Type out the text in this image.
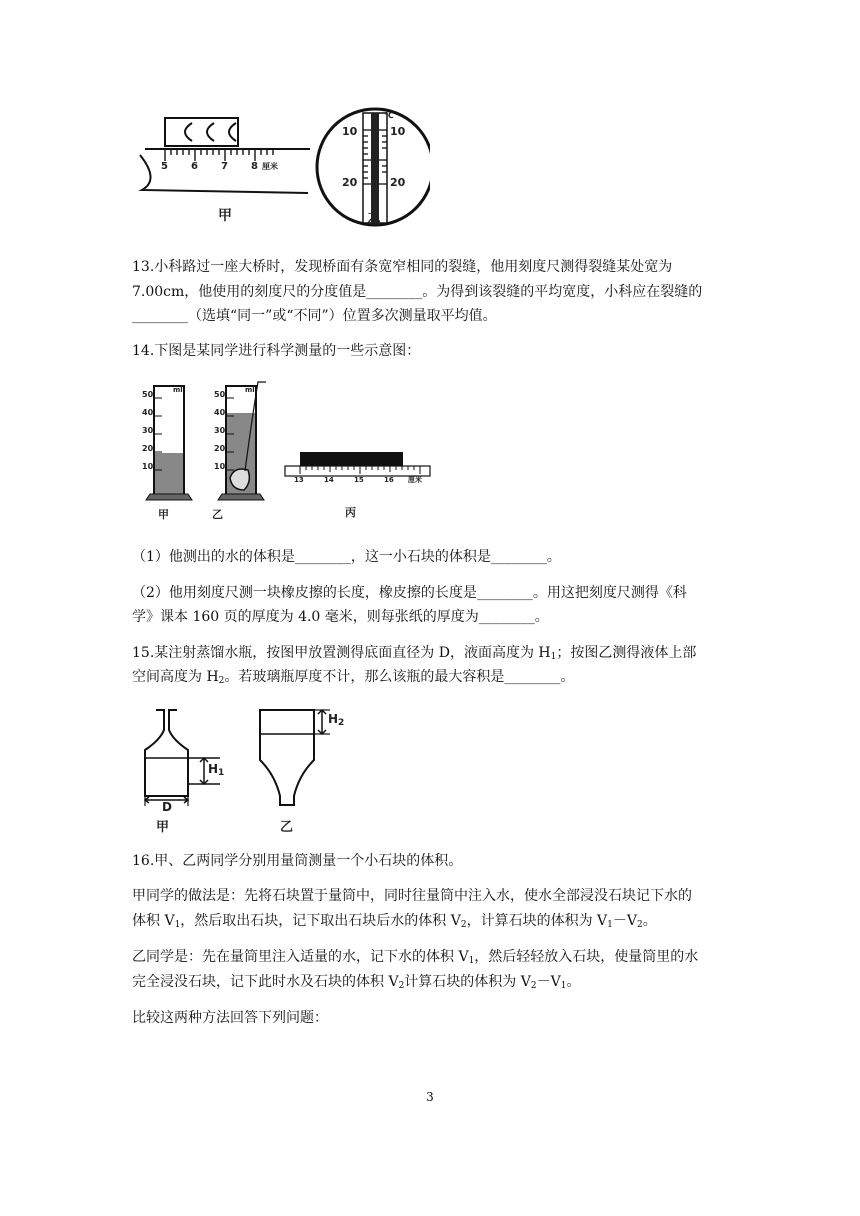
5 6 7 8 厘米
10
20
10
20
℃
甲	乙

13.小科路过一座大桥时，发现桥面有条宽窄相同的裂缝，他用刻度尺测得裂缝某处宽为

7.00cm，他使用的刻度尺的分度值是________。为得到该裂缝的平均宽度，小科应在裂缝的

________（选填“同一”或“不同”）位置多次测量取平均值。

14.下图是某同学进行科学测量的一些示意图：

ml	ml
50
40
30
20
10
50
40
30
20
10
13	14	15	16 厘米
甲	乙	丙

（1）他测出的水的体积是________，这一小石块的体积是________。

（2）他用刻度尺测一块橡皮擦的长度，橡皮擦的长度是________。用这把刻度尺测得《科

学》课本 160 页的厚度为 4.0 毫米，则每张纸的厚度为________。

15.某注射蒸馏水瓶，按图甲放置测得底面直径为 D，液面高度为 $H_1$；按图乙测得液体上部

空间高度为 $H_2$。若玻璃瓶厚度不计，那么该瓶的最大容积是________。

$H_1$
D
$H_2$
甲	乙

16.甲、乙两同学分别用量筒测量一个小石块的体积。

甲同学的做法是：先将石块置于量筒中，同时往量筒中注入水，使水全部浸没石块记下水的

体积 $V_1$，然后取出石块，记下取出石块后水的体积 $V_2$，计算石块的体积为 $V_1-V_2$。

乙同学是：先在量筒里注入适量的水，记下水的体积 $V_1$，然后轻轻放入石块，使量筒里的水

完全浸没石块，记下此时水及石块的体积 $V_2$计算石块的体积为 $V_2-V_1$。

比较这两种方法回答下列问题：

3
